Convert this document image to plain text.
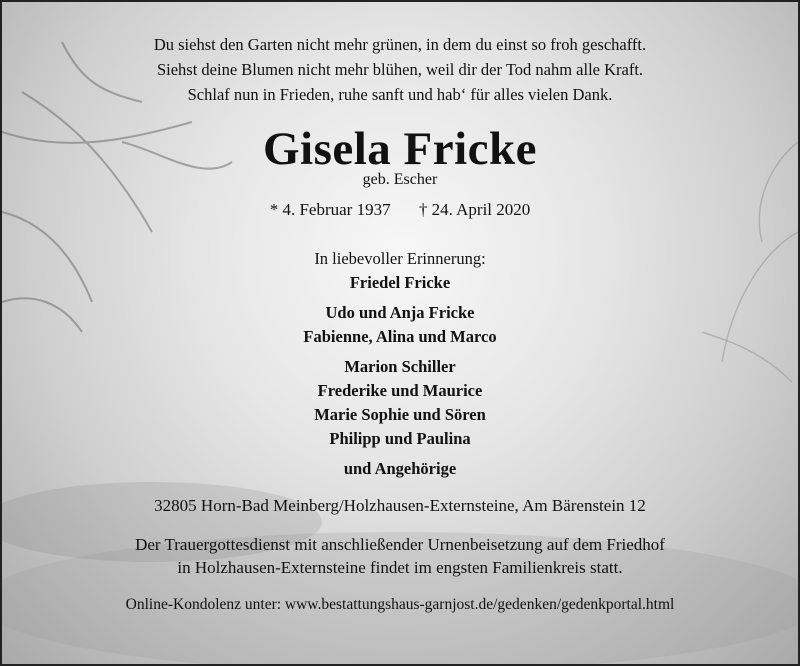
Du siehst den Garten nicht mehr grünen, in dem du einst so froh geschafft.
Siehst deine Blumen nicht mehr blühen, weil dir der Tod nahm alle Kraft.
Schlaf nun in Frieden, ruhe sanft und hab‘ für alles vielen Dank.
Gisela Fricke
geb. Escher
* 4. Februar 1937 † 24. April 2020
In liebevoller Erinnerung:
Friedel Fricke
Udo und Anja Fricke
Fabienne, Alina und Marco
Marion Schiller
Frederike und Maurice
Marie Sophie und Sören
Philipp und Paulina
und Angehörige
32805 Horn-Bad Meinberg/Holzhausen-Externsteine, Am Bärenstein 12
Der Trauergottesdienst mit anschließender Urnenbeisetzung auf dem Friedhof
in Holzhausen-Externsteine findet im engsten Familienkreis statt.
Online-Kondolenz unter: www.bestattungshaus-garnjost.de/gedenken/gedenkportal.html
